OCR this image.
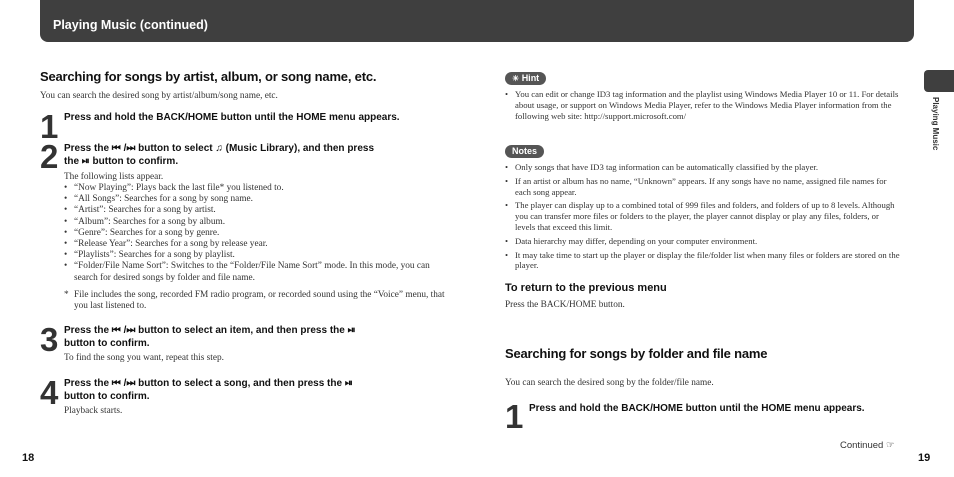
Playing Music (continued)
Playing Music
Searching for songs by artist, album, or song name, etc.
You can search the desired song by artist/album/song name, etc.
1 Press and hold the BACK/HOME button until the HOME menu appears.
2 Press the ⏮ /⏭ button to select ♫ (Music Library), and then press
the ⏯ button to confirm.
The following lists appear.
• “Now Playing”: Plays back the last file* you listened to.
• “All Songs”: Searches for a song by song name.
• “Artist”: Searches for a song by artist.
• “Album”: Searches for a song by album.
• “Genre”: Searches for a song by genre.
• “Release Year”: Searches for a song by release year.
• “Playlists”: Searches for a song by playlist.
• “Folder/File Name Sort”: Switches to the “Folder/File Name Sort” mode. In this mode, you can search for desired songs by folder and file name.
* File includes the song, recorded FM radio program, or recorded sound using the “Voice” menu, that you last listened to.
3 Press the ⏮ /⏭ button to select an item, and then press the ⏯
button to confirm.
To find the song you want, repeat this step.
4 Press the ⏮ /⏭ button to select a song, and then press the ⏯
button to confirm.
Playback starts.
18
☀ Hint
• You can edit or change ID3 tag information and the playlist using Windows Media Player 10 or 11. For details about usage, or support on Windows Media Player, refer to the Windows Media Player information from the following web site: http://support.microsoft.com/
Notes
• Only songs that have ID3 tag information can be automatically classified by the player.
• If an artist or album has no name, “Unknown” appears. If any songs have no name, assigned file names for each song appear.
• The player can display up to a combined total of 999 files and folders, and folders of up to 8 levels. Although you can transfer more files or folders to the player, the player cannot display or play any files, folders, or levels that exceed this limit.
• Data hierarchy may differ, depending on your computer environment.
• It may take time to start up the player or display the file/folder list when many files or folders are stored on the player.
To return to the previous menu
Press the BACK/HOME button.
Searching for songs by folder and file name
You can search the desired song by the folder/file name.
1 Press and hold the BACK/HOME button until the HOME menu appears.
Continued ☞
19
